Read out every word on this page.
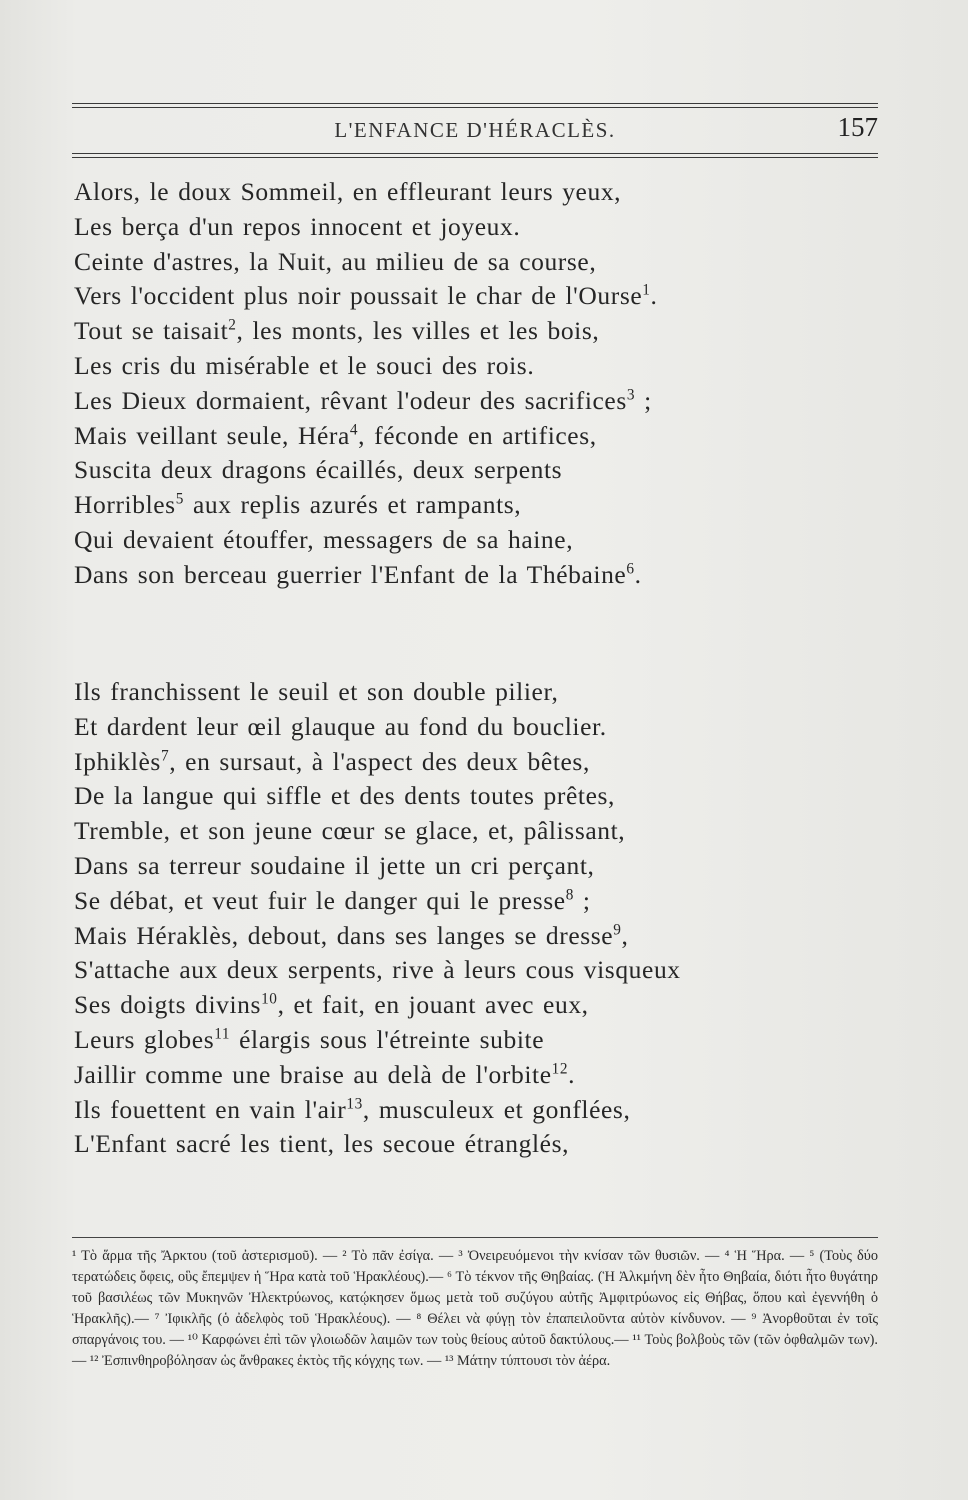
L'ENFANCE D'HÉRACLÈS.	157
Alors, le doux Sommeil, en effleurant leurs yeux,
Les berça d'un repos innocent et joyeux.
Ceinte d'astres, la Nuit, au milieu de sa course,
Vers l'occident plus noir poussait le char de l'Ourse$^1$.
Tout se taisait$^2$, les monts, les villes et les bois,
Les cris du misérable et le souci des rois.
Les Dieux dormaient, rêvant l'odeur des sacrifices$^3$ ;
Mais veillant seule, Héra$^4$, féconde en artifices,
Suscita deux dragons écaillés, deux serpents
Horribles$^5$ aux replis azurés et rampants,
Qui devaient étouffer, messagers de sa haine,
Dans son berceau guerrier l'Enfant de la Thébaine$^6$.
Ils franchissent le seuil et son double pilier,
Et dardent leur œil glauque au fond du bouclier.
Iphiklès$^7$, en sursaut, à l'aspect des deux bêtes,
De la langue qui siffle et des dents toutes prêtes,
Tremble, et son jeune cœur se glace, et, pâlissant,
Dans sa terreur soudaine il jette un cri perçant,
Se débat, et veut fuir le danger qui le presse$^8$ ;
Mais Héraklès, debout, dans ses langes se dresse$^9$,
S'attache aux deux serpents, rive à leurs cous visqueux
Ses doigts divins$^{10}$, et fait, en jouant avec eux,
Leurs globes$^{11}$ élargis sous l'étreinte subite
Jaillir comme une braise au delà de l'orbite$^{12}$.
Ils fouettent en vain l'air$^{13}$, musculeux et gonflées,
L'Enfant sacré les tient, les secoue étranglés,

¹ Τὸ ἅρμα τῆς Ἄρκτου (τοῦ ἀστερισμοῦ). — ² Τὸ πᾶν ἐσίγα. — ³ Ὀνειρευόμενοι τὴν κνίσαν τῶν θυσιῶν. — ⁴ Ἡ Ἥρα. — ⁵ (Τοὺς δύο τερατώδεις ὄφεις, οὓς ἔπεμψεν ἡ Ἥρα κατὰ τοῦ Ἡρακλέους).— ⁶ Τὸ τέκνον τῆς Θηβαίας. (Ἡ Ἀλκμήνη δὲν ἦτο Θηβαία, διότι ἦτο θυγάτηρ τοῦ βασιλέως τῶν Μυκηνῶν Ἠλεκτρύωνος, κατῴκησεν ὅμως μετὰ τοῦ συζύγου αὐτῆς Ἀμφιτρύωνος εἰς Θήβας, ὅπου καὶ ἐγεννήθη ὁ Ἡρακλῆς).— ⁷ Ἰφικλῆς (ὁ ἀδελφὸς τοῦ Ἡρακλέους). — ⁸ Θέλει νὰ φύγῃ τὸν ἐπαπειλοῦντα αὐτὸν κίνδυνον. — ⁹ Ἀνορθοῦται ἐν τοῖς σπαργάνοις του. — ¹⁰ Καρφώνει ἐπὶ τῶν γλοιωδῶν λαιμῶν των τοὺς θείους αὐτοῦ δακτύλους.— ¹¹ Τοὺς βολβοὺς τῶν (τῶν ὀφθαλμῶν των). — ¹² Ἐσπινθηροβόλησαν ὡς ἄνθρακες ἐκτὸς τῆς κόγχης των. — ¹³ Μάτην τύπτουσι τὸν ἀέρα.
